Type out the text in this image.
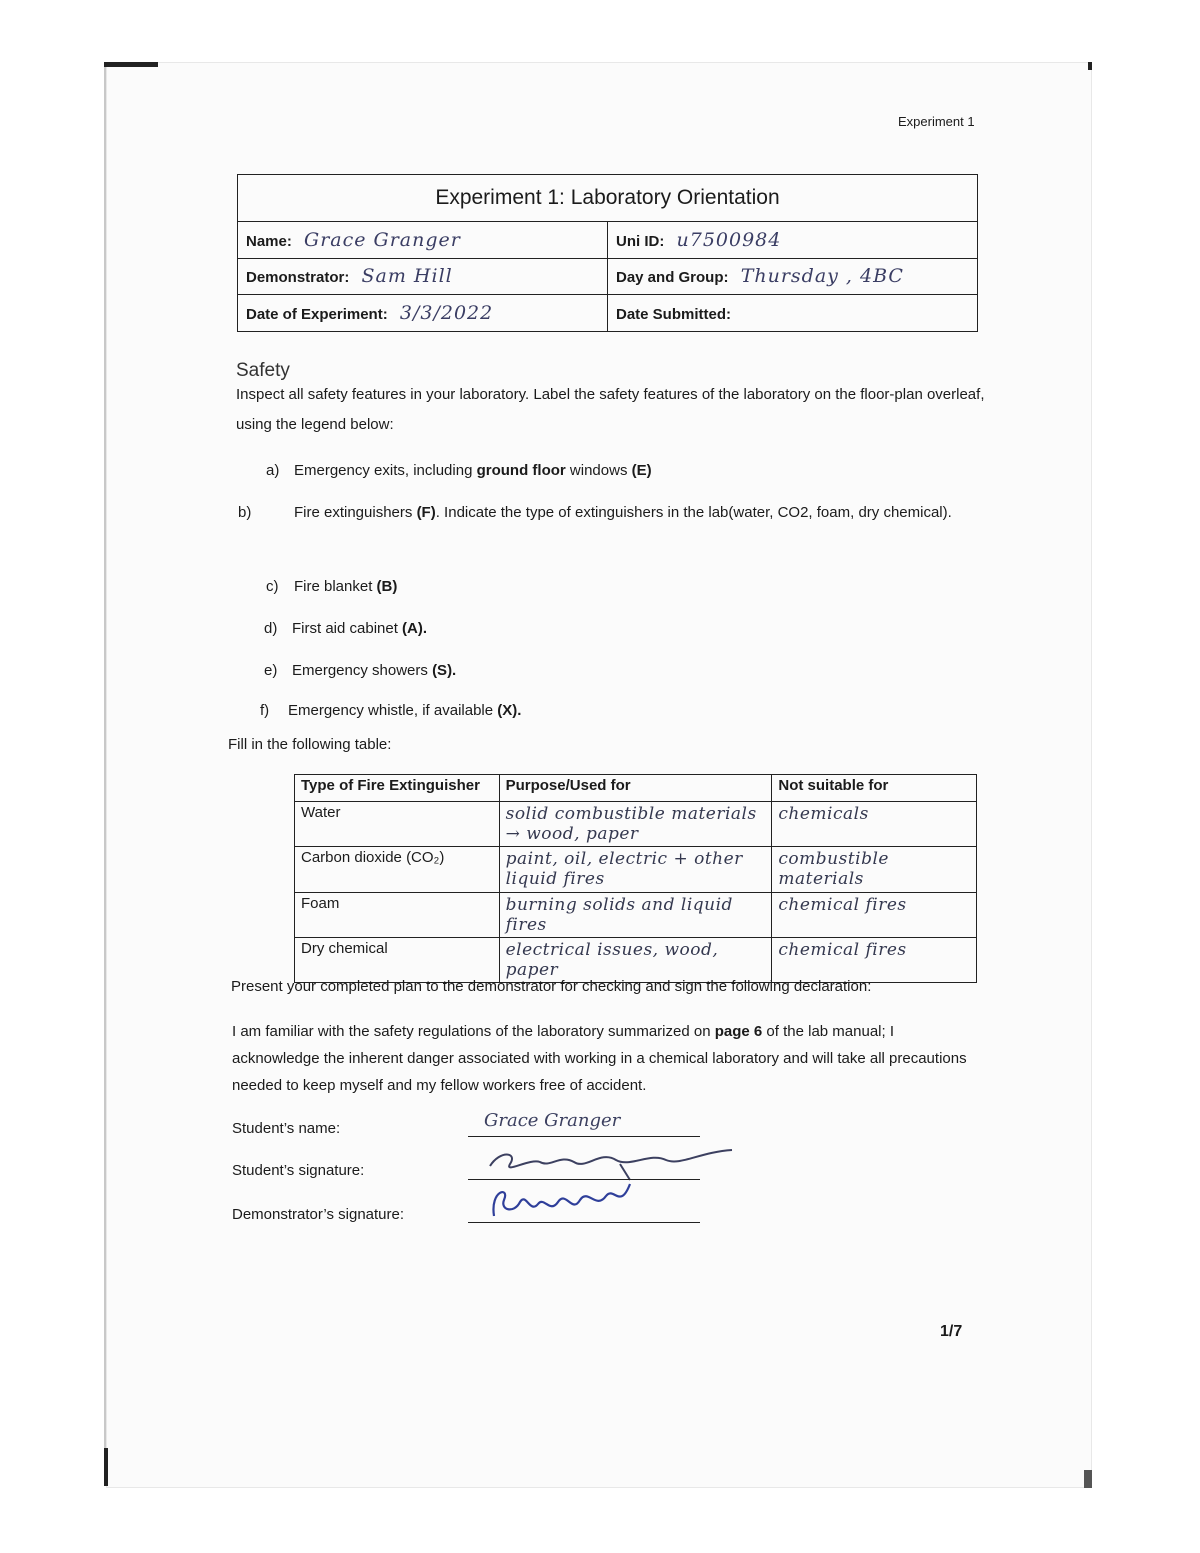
Experiment 1
Experiment 1: Laboratory Orientation	
Name: Grace Granger	Uni ID: u7500984
Demonstrator: Sam Hill	Day and Group: Thursday , 4BC
Date of Experiment: 3/3/2022	Date Submitted:
Safety
Inspect all safety features in your laboratory. Label the safety features of the laboratory on the floor-plan overleaf, using the legend below:
a) Emergency exits, including ground floor windows (E)
b)	Fire extinguishers (F). Indicate the type of extinguishers in the lab(water, CO2, foam, dry chemical).
c) Fire blanket (B)
d) First aid cabinet (A).
e) Emergency showers (S).
f) Emergency whistle, if available (X).
Fill in the following table:
Type of Fire Extinguisher	Purpose/Used for	Not suitable for
Water	solid combustible materials → wood, paper	chemicals
Carbon dioxide (CO₂)	paint, oil, electric + other liquid fires	combustible materials
Foam	burning solids and liquid fires	chemical fires
Dry chemical	electrical issues, wood, paper	chemical fires
Present your completed plan to the demonstrator for checking and sign the following declaration:
I am familiar with the safety regulations of the laboratory summarized on page 6 of the lab manual; I acknowledge the inherent danger associated with working in a chemical laboratory and will take all precautions needed to keep myself and my fellow workers free of accident.
Student’s name:	Grace Granger
Student’s signature:
Demonstrator’s signature:
1/7
